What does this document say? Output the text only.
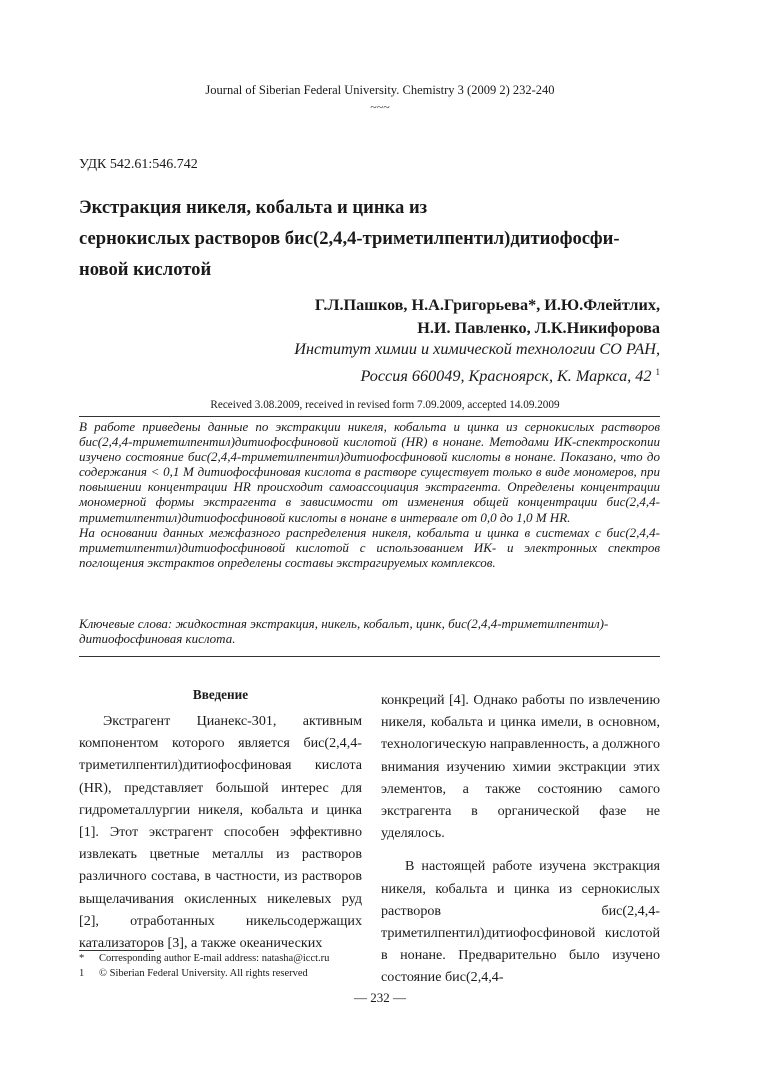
Journal of Siberian Federal University. Chemistry 3 (2009 2) 232-240
~~~
УДК 542.61:546.742
Экстракция никеля, кобальта и цинка из
сернокислых растворов бис(2,4,4-триметилпентил)дитиофосфи-
новой кислотой
Г.Л.Пашков, Н.А.Григорьева*, И.Ю.Флейтлих,
Н.И. Павленко, Л.К.Никифорова
Институт химии и химической технологии СО РАН,
Россия 660049, Красноярск, К. Маркса, 42 $^1$
Received 3.08.2009, received in revised form 7.09.2009, accepted 14.09.2009

В работе приведены данные по экстракции никеля, кобальта и цинка из сернокислых растворов бис(2,4,4-триметилпентил)дитиофосфиновой кислотой (HR) в нонане. Методами ИК-спектроскопии изучено состояние бис(2,4,4-триметилпентил)дитиофосфиновой кислоты в нонане. Показано, что до содержания < 0,1 М дитиофосфиновая кислота в растворе существует только в виде мономеров, при повышении концентрации HR происходит самоассоциация экстрагента. Определены концентрации мономерной формы экстрагента в зависимости от изменения общей концентрации бис(2,4,4-триметилпентил)дитиофосфиновой кислоты в нонане в интервале от 0,0 до 1,0 М HR.

На основании данных межфазного распределения никеля, кобальта и цинка в системах с бис(2,4,4-триметилпентил)дитиофосфиновой кислотой с использованием ИК- и электронных спектров поглощения экстрактов определены составы экстрагируемых комплексов.

Ключевые слова: жидкостная экстракция, никель, кобальт, цинк, бис(2,4,4-триметилпентил)-дитиофосфиновая кислота.
Введение

Экстрагент Цианекс-301, активным компонентом которого является бис(2,4,4-триметилпентил)дитиофосфиновая кислота (HR), представляет большой интерес для гидрометаллургии никеля, кобальта и цинка [1]. Этот экстрагент способен эффективно извлекать цветные металлы из растворов различного состава, в частности, из растворов выщелачивания окисленных никелевых руд [2], отработанных никельсодержащих катализаторов [3], а также океанических

конкреций [4]. Однако работы по извлечению никеля, кобальта и цинка имели, в основном, технологическую направленность, а должного внимания изучению химии экстракции этих элементов, а также состоянию самого экстрагента в органической фазе не уделялось.

В настоящей работе изучена экстракция никеля, кобальта и цинка из сернокислых растворов бис(2,4,4-триметилпентил)дитиофосфиновой кислотой в нонане. Предварительно было изучено состояние бис(2,4,4-

*	Corresponding author E-mail address: natasha@icct.ru
1	© Siberian Federal University. All rights reserved
— 232 —
